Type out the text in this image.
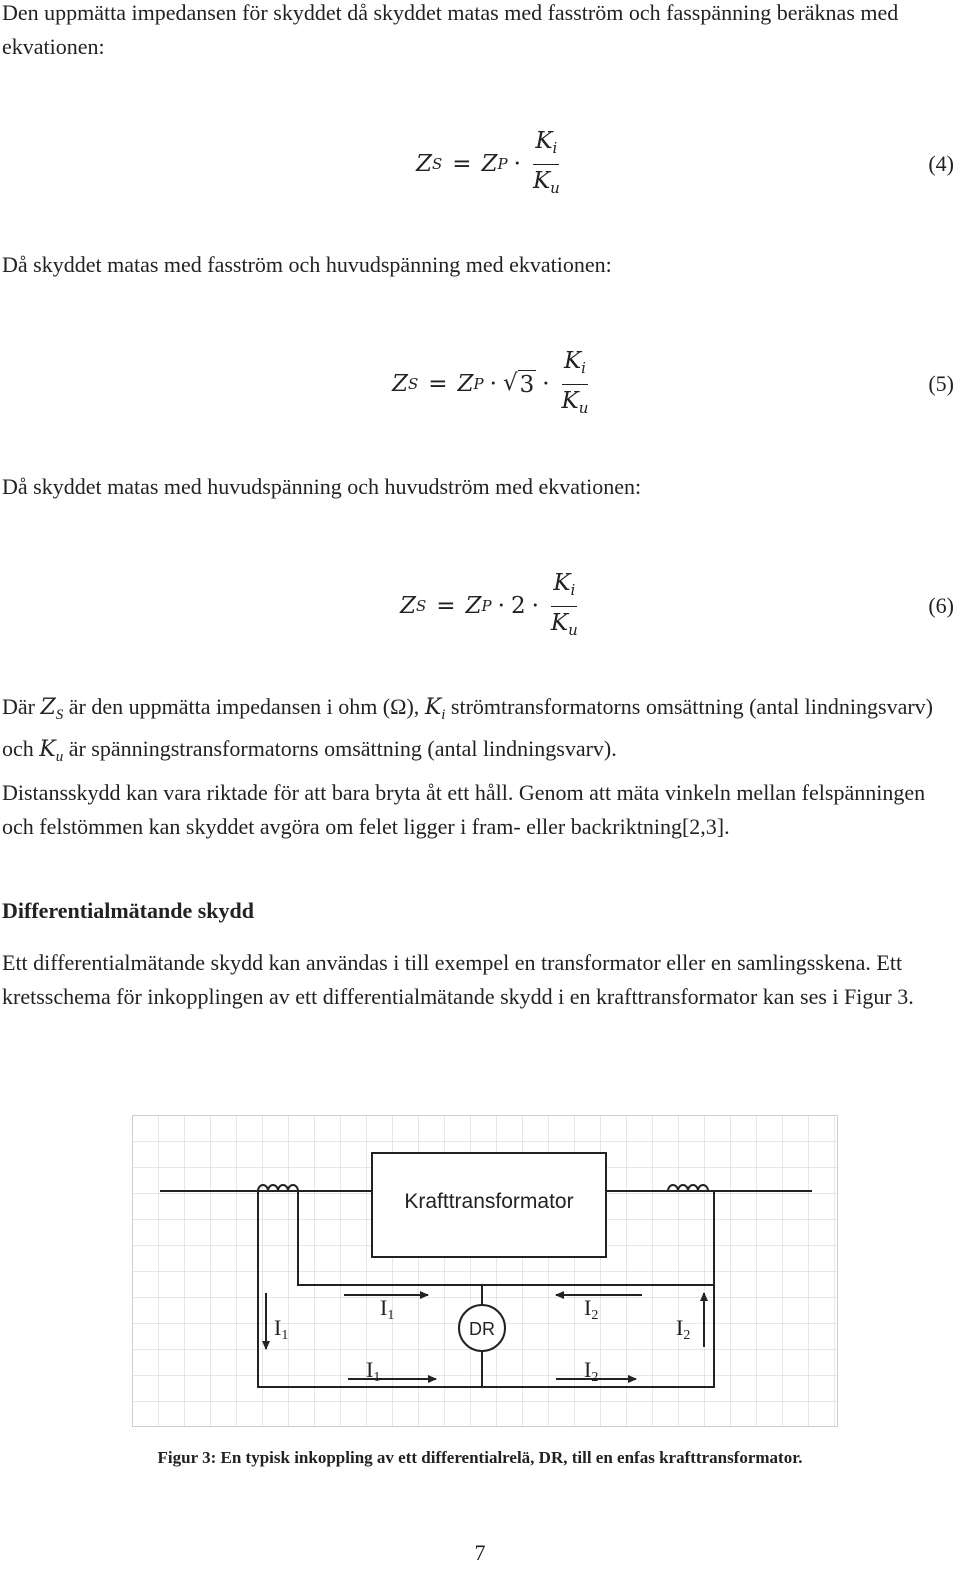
Den uppmätta impedansen för skyddet då skyddet matas med fasström och fasspänning beräknas med ekvationen:

Z S = Z $P \cdot \frac{K_i}{K_u}$	(4)

Då skyddet matas med fasström och huvudspänning med ekvationen:

Z S = Z P · √ $3 \cdot \frac{K_i}{K_u}$	(5)

Då skyddet matas med huvudspänning och huvudström med ekvationen:

Z S = Z $P \cdot 2 \cdot \frac{K_i}{K_u}$	(6)

Där $Z_S$ är den uppmätta impedansen i ohm (Ω), $K_i$ strömtransformatorns omsättning (antal lindningsvarv) och $K_u$ är spänningstransformatorns omsättning (antal lindningsvarv).

Distansskydd kan vara riktade för att bara bryta åt ett håll. Genom att mäta vinkeln mellan felspänningen och felstömmen kan skyddet avgöra om felet ligger i fram- eller backriktning[2,3].

Differentialmätande skydd

Ett differentialmätande skydd kan användas i till exempel en transformator eller en samlingsskena. Ett kretsschema för inkopplingen av ett differentialmätande skydd i en krafttransformator kan ses i Figur 3.

Krafttransformator
DR
I1
I1
I1
I2
I2
I2

Figur 3: En typisk inkoppling av ett differentialrelä, DR, till en enfas krafttransformator.

7
